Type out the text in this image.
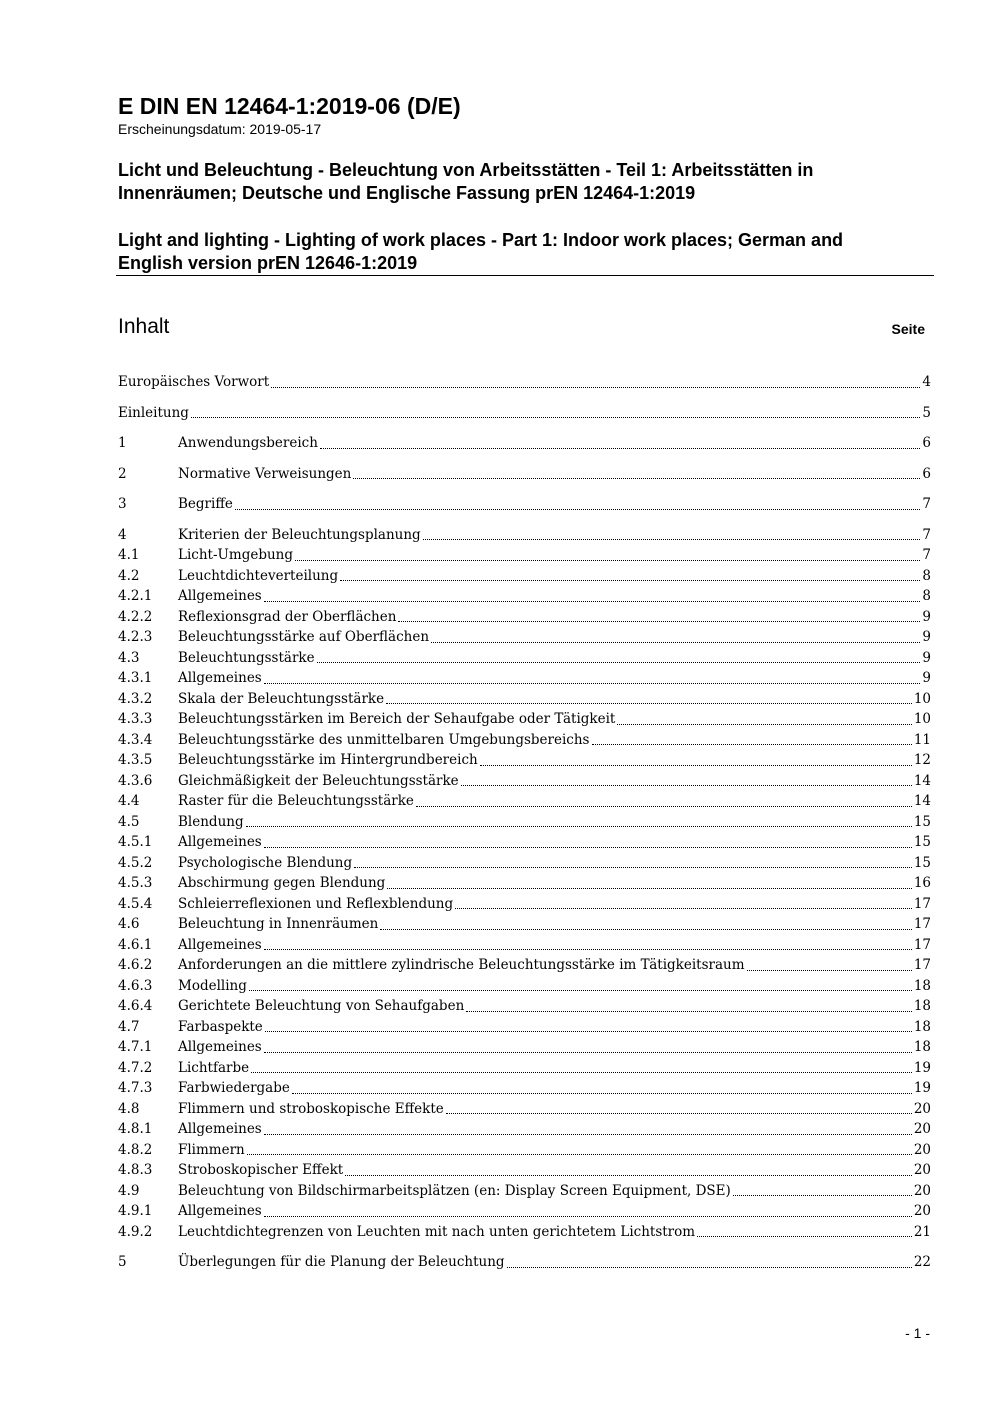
E DIN EN 12464-1:2019-06 (D/E)
Erscheinungsdatum: 2019-05-17
Licht und Beleuchtung - Beleuchtung von Arbeitsstätten - Teil 1: Arbeitsstätten in
Innenräumen; Deutsche und Englische Fassung prEN 12464-1:2019
Light and lighting - Lighting of work places - Part 1: Indoor work places; German and
English version prEN 12646-1:2019
Inhalt	Seite
Europäisches Vorwort	4
Einleitung	5
1	Anwendungsbereich	6
2	Normative Verweisungen	6
3	Begriffe	7
4	Kriterien der Beleuchtungsplanung	7
4.1	Licht-Umgebung	7
4.2	Leuchtdichteverteilung	8
4.2.1	Allgemeines	8
4.2.2	Reflexionsgrad der Oberflächen	9
4.2.3	Beleuchtungsstärke auf Oberflächen	9
4.3	Beleuchtungsstärke	9
4.3.1	Allgemeines	9
4.3.2	Skala der Beleuchtungsstärke	10
4.3.3	Beleuchtungsstärken im Bereich der Sehaufgabe oder Tätigkeit	10
4.3.4	Beleuchtungsstärke des unmittelbaren Umgebungsbereichs	11
4.3.5	Beleuchtungsstärke im Hintergrundbereich	12
4.3.6	Gleichmäßigkeit der Beleuchtungsstärke	14
4.4	Raster für die Beleuchtungsstärke	14
4.5	Blendung	15
4.5.1	Allgemeines	15
4.5.2	Psychologische Blendung	15
4.5.3	Abschirmung gegen Blendung	16
4.5.4	Schleierreflexionen und Reflexblendung	17
4.6	Beleuchtung in Innenräumen	17
4.6.1	Allgemeines	17
4.6.2	Anforderungen an die mittlere zylindrische Beleuchtungsstärke im Tätigkeitsraum	17
4.6.3	Modelling	18
4.6.4	Gerichtete Beleuchtung von Sehaufgaben	18
4.7	Farbaspekte	18
4.7.1	Allgemeines	18
4.7.2	Lichtfarbe	19
4.7.3	Farbwiedergabe	19
4.8	Flimmern und stroboskopische Effekte	20
4.8.1	Allgemeines	20
4.8.2	Flimmern	20
4.8.3	Stroboskopischer Effekt	20
4.9	Beleuchtung von Bildschirmarbeitsplätzen (en: Display Screen Equipment, DSE)	20
4.9.1	Allgemeines	20
4.9.2	Leuchtdichtegrenzen von Leuchten mit nach unten gerichtetem Lichtstrom	21
5	Überlegungen für die Planung der Beleuchtung	22
- 1 -
